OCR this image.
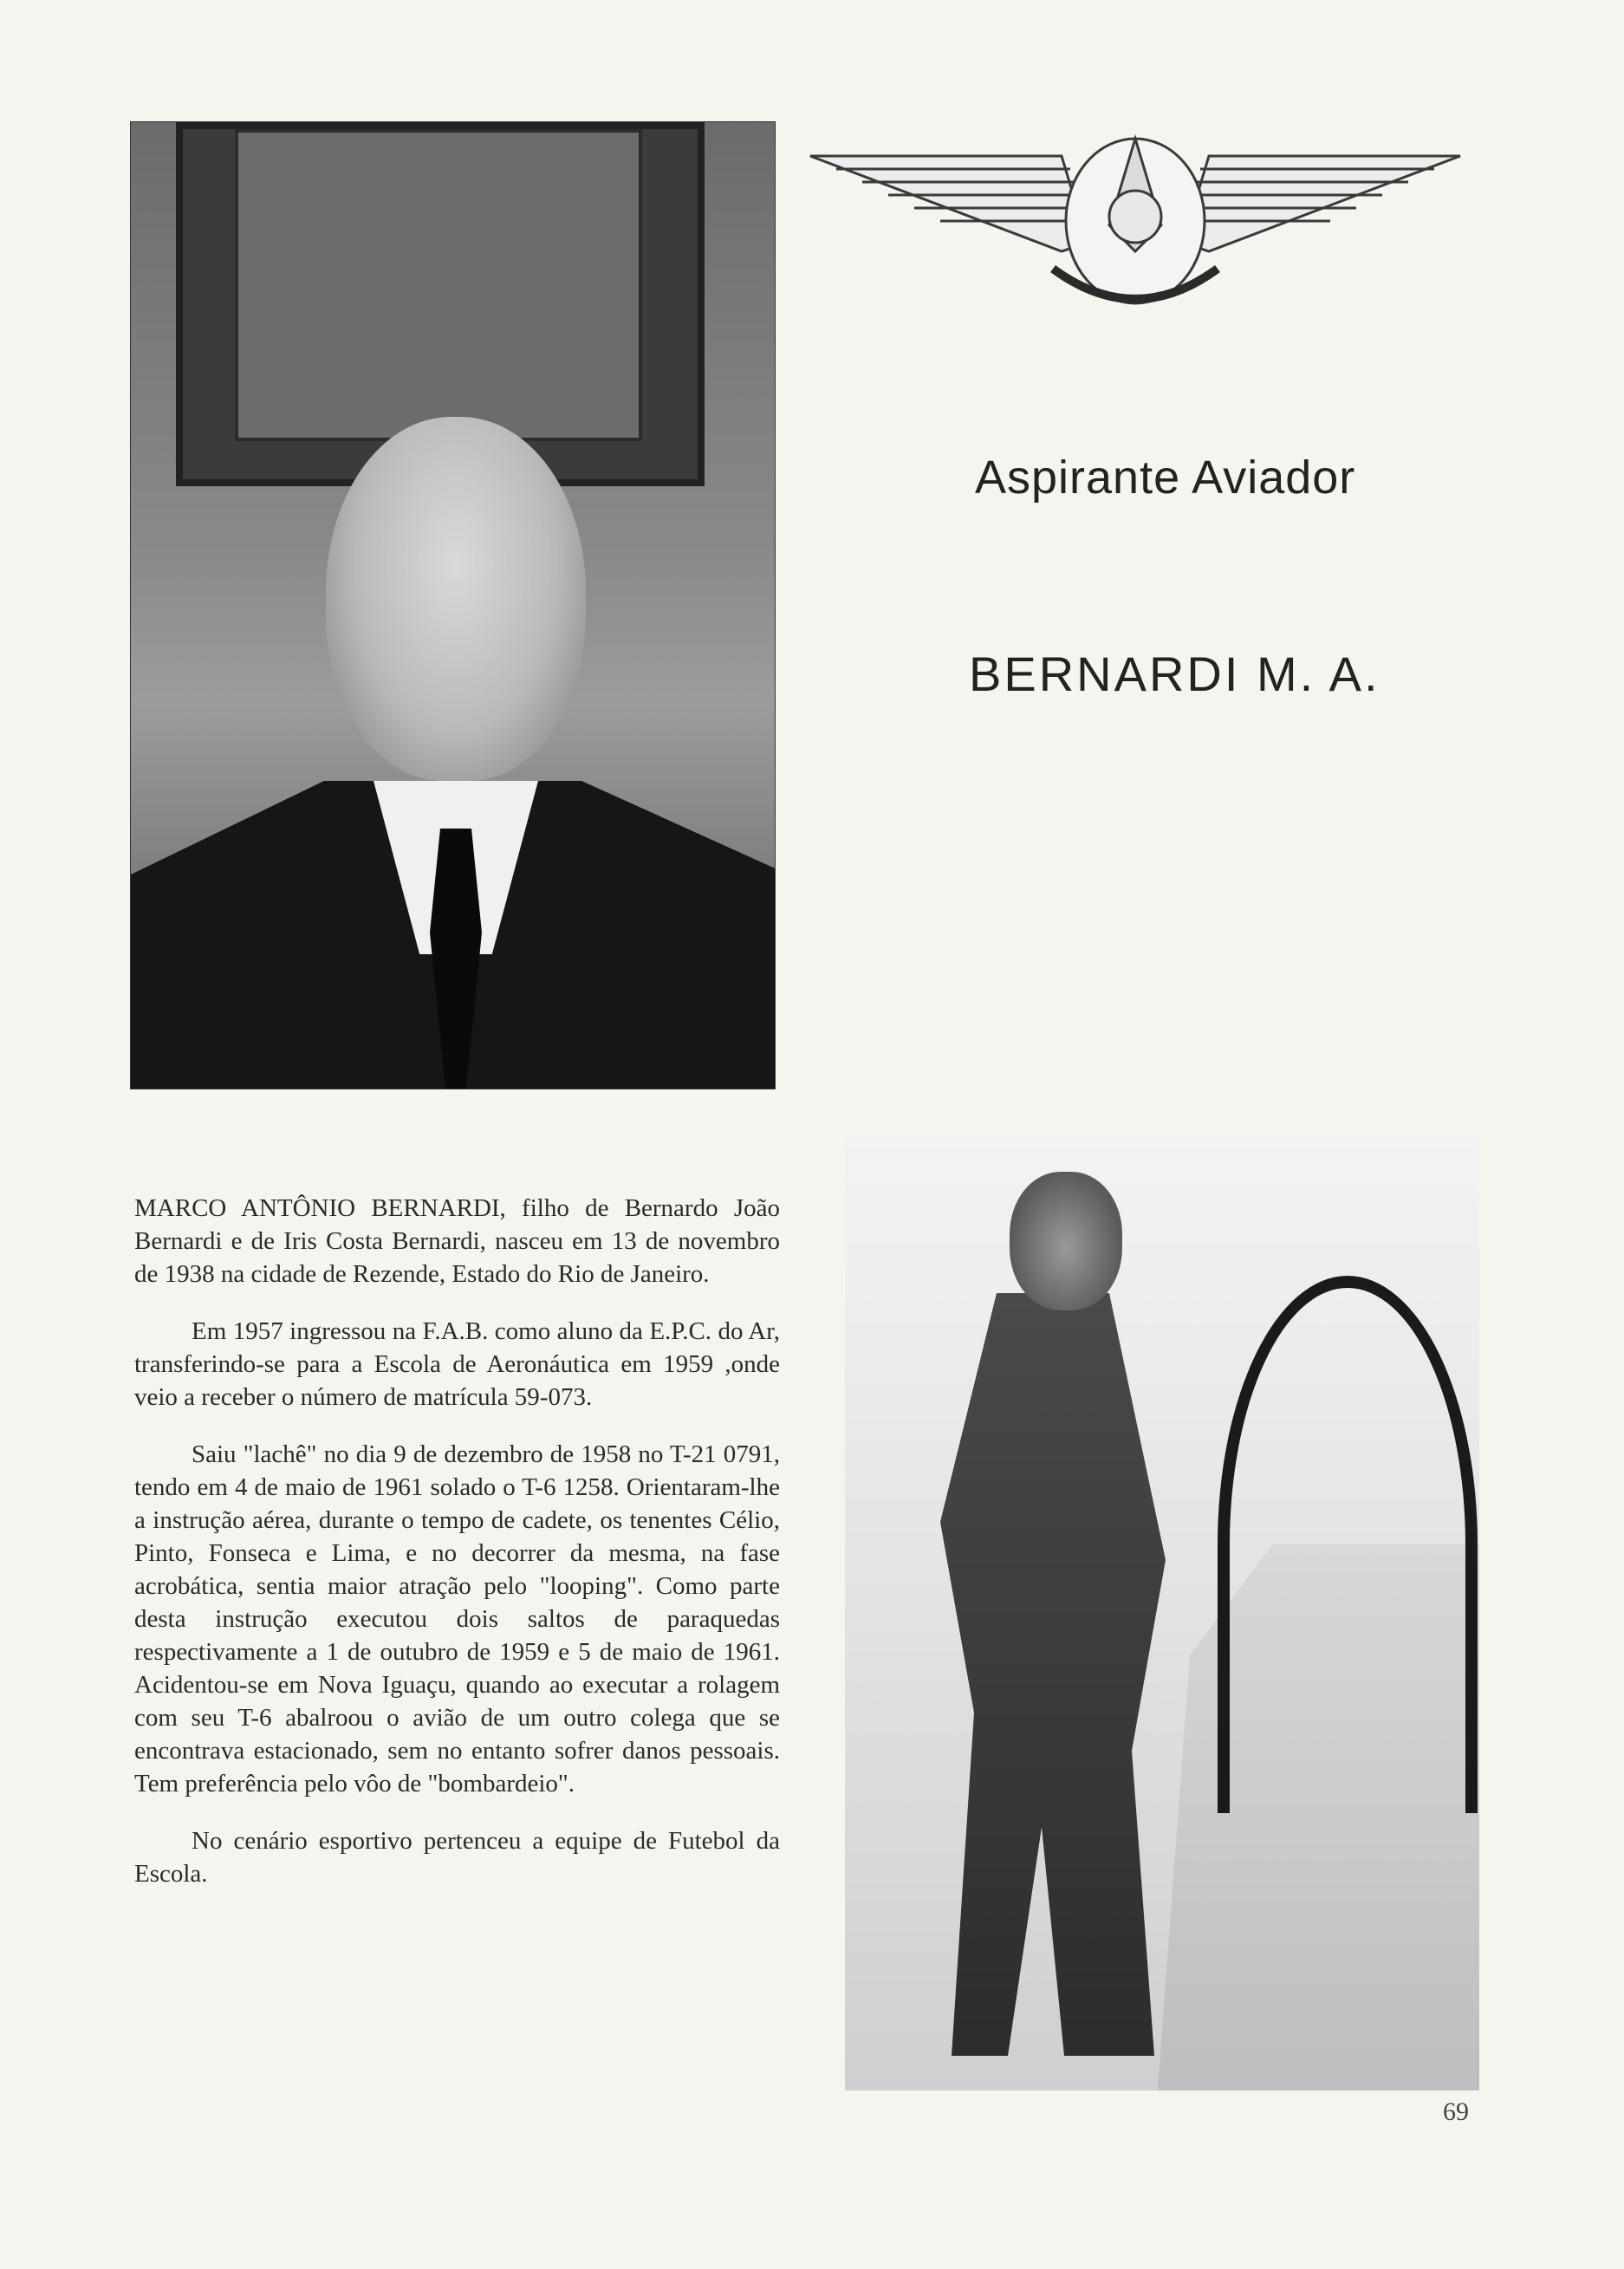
Aspirante Aviador
BERNARDI M. A.

MARCO ANTÔNIO BERNARDI, filho de Bernardo João Bernardi e de Iris Costa Bernardi, nasceu em 13 de novembro de 1938 na cidade de Rezende, Estado do Rio de Janeiro.

Em 1957 ingressou na F.A.B. como aluno da E.P.C. do Ar, transferindo-se para a Escola de Aeronáutica em 1959 ,onde veio a receber o número de matrícula 59-073.

Saiu "lachê" no dia 9 de dezembro de 1958 no T-21 0791, tendo em 4 de maio de 1961 solado o T-6 1258. Orientaram-lhe a instrução aérea, durante o tempo de cadete, os tenentes Célio, Pinto, Fonseca e Lima, e no decorrer da mesma, na fase acrobática, sentia maior atração pelo "looping". Como parte desta instrução executou dois saltos de paraquedas respectivamente a 1 de outubro de 1959 e 5 de maio de 1961. Acidentou-se em Nova Iguaçu, quando ao executar a rolagem com seu T-6 abalroou o avião de um outro colega que se encontrava estacionado, sem no entanto sofrer danos pessoais. Tem preferência pelo vôo de "bombardeio".

No cenário esportivo pertenceu a equipe de Futebol da Escola.

69
